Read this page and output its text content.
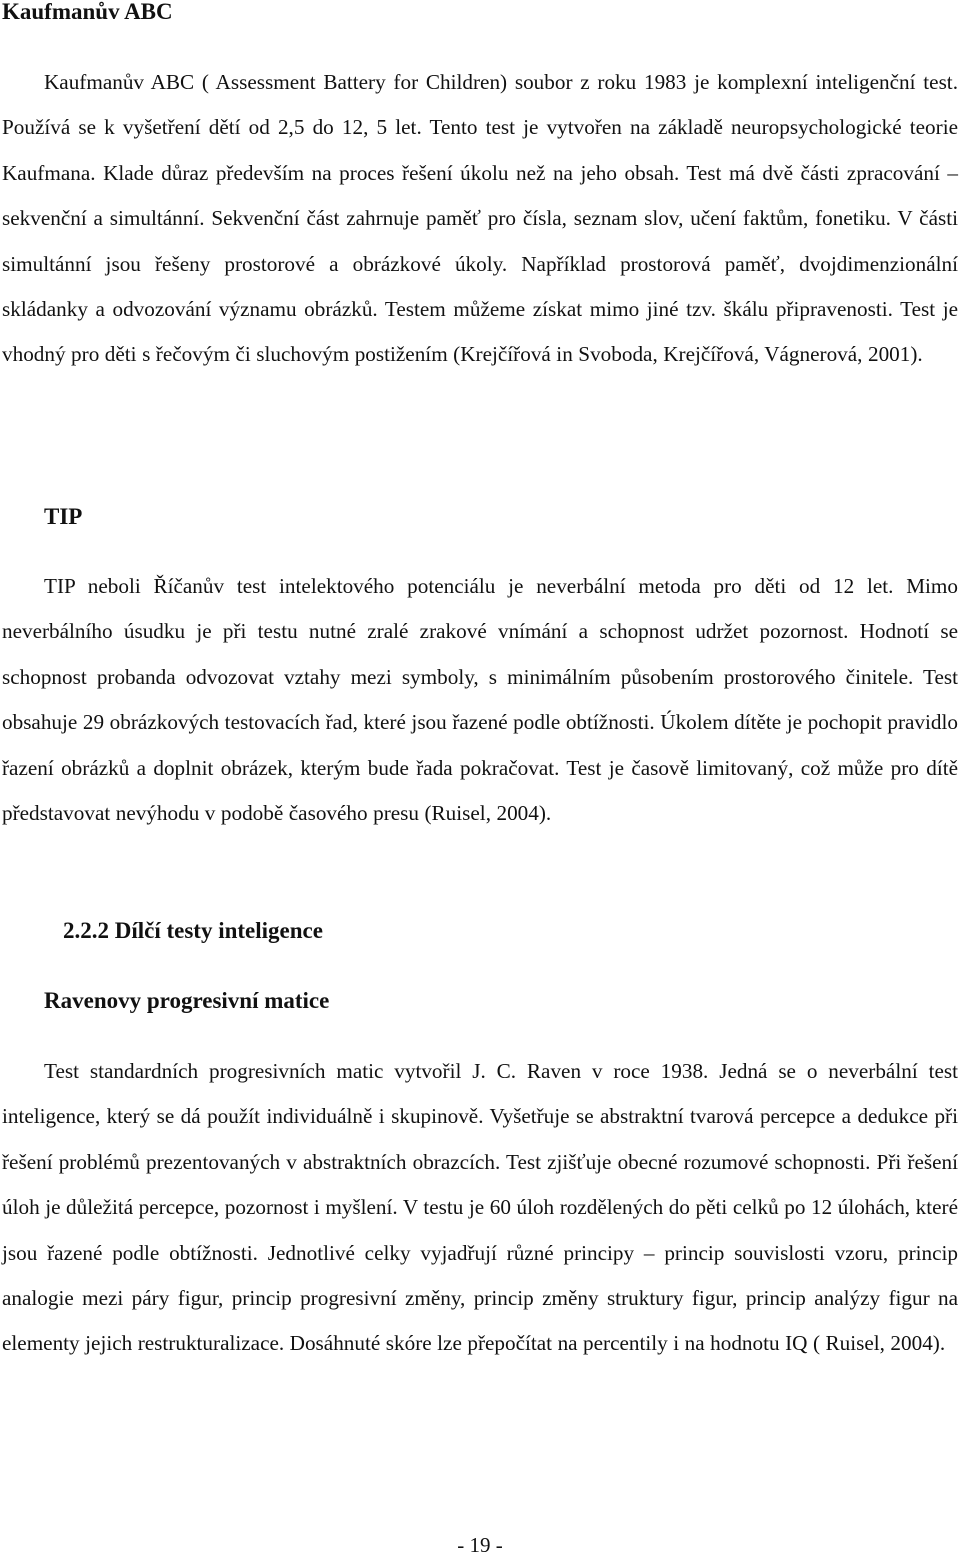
Kaufmanův ABC

Kaufmanův ABC ( Assessment Battery for Children) soubor z roku 1983 je komplexní inteligenční test. Používá se k vyšetření dětí od 2,5 do 12, 5 let. Tento test je vytvořen na základě neuropsychologické teorie Kaufmana. Klade důraz především na proces řešení úkolu než na jeho obsah. Test má dvě části zpracování – sekvenční a simultánní. Sekvenční část zahrnuje paměť pro čísla, seznam slov, učení faktům, fonetiku. V části simultánní jsou řešeny prostorové a obrázkové úkoly. Například prostorová paměť, dvojdimenzionální skládanky a odvozování významu obrázků. Testem můžeme získat mimo jiné tzv. škálu připravenosti. Test je vhodný pro děti s řečovým či sluchovým postižením (Krejčířová in Svoboda, Krejčířová, Vágnerová, 2001).

TIP

TIP neboli Říčanův test intelektového potenciálu je neverbální metoda pro děti od 12 let. Mimo neverbálního úsudku je při testu nutné zralé zrakové vnímání a schopnost udržet pozornost. Hodnotí se schopnost probanda odvozovat vztahy mezi symboly, s minimálním působením prostorového činitele. Test obsahuje 29 obrázkových testovacích řad, které jsou řazené podle obtížnosti. Úkolem dítěte je pochopit pravidlo řazení obrázků a doplnit obrázek, kterým bude řada pokračovat. Test je časově limitovaný, což může pro dítě představovat nevýhodu v podobě časového presu (Ruisel, 2004).

2.2.2 Dílčí testy inteligence
Ravenovy progresivní matice

Test standardních progresivních matic vytvořil J. C. Raven v roce 1938. Jedná se o neverbální test inteligence, který se dá použít individuálně i skupinově. Vyšetřuje se abstraktní tvarová percepce a dedukce při řešení problémů prezentovaných v abstraktních obrazcích. Test zjišťuje obecné rozumové schopnosti. Při řešení úloh je důležitá percepce, pozornost i myšlení. V testu je 60 úloh rozdělených do pěti celků po 12 úlohách, které jsou řazené podle obtížnosti. Jednotlivé celky vyjadřují různé principy – princip souvislosti vzoru, princip analogie mezi páry figur, princip progresivní změny, princip změny struktury figur, princip analýzy figur na elementy jejich restrukturalizace. Dosáhnuté skóre lze přepočítat na percentily i na hodnotu IQ ( Ruisel, 2004).

- 19 -
